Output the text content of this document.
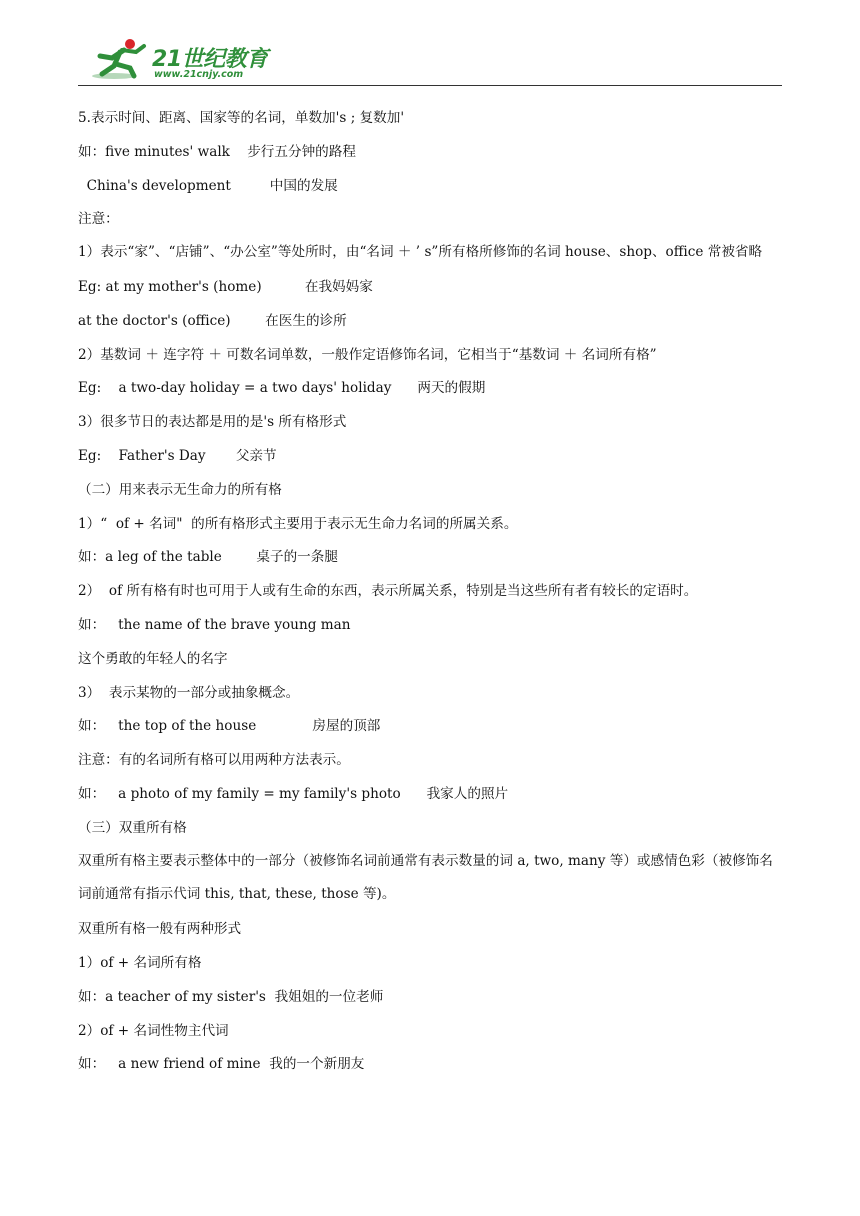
21世纪教育
www.21cnjy.com
5.表示时间、距离、国家等的名词，单数加's ; 复数加'
如：five minutes' walk    步行五分钟的路程
China's development         中国的发展
注意：
1）表示“家”、“店铺”、“办公室”等处所时，由“名词 ＋ ’ s”所有格所修饰的名词 house、shop、office 常被省略
Eg: at my mother's (home)          在我妈妈家
at the doctor's (office)        在医生的诊所
2）基数词 ＋ 连字符 ＋ 可数名词单数，一般作定语修饰名词，它相当于“基数词 ＋ 名词所有格”
Eg:    a two-day holiday = a two days' holiday      两天的假期
3）很多节日的表达都是用的是's 所有格形式
Eg:    Father's Day       父亲节
（二）用来表示无生命力的所有格
1）“  of + 名词"  的所有格形式主要用于表示无生命力名词的所属关系。
如：a leg of the table        桌子的一条腿
2）  of 所有格有时也可用于人或有生命的东西，表示所属关系，特别是当这些所有者有较长的定语时。
如：   the name of the brave young man
这个勇敢的年轻人的名字
3）  表示某物的一部分或抽象概念。
如：   the top of the house             房屋的顶部
注意：有的名词所有格可以用两种方法表示。
如：   a photo of my family = my family's photo      我家人的照片
（三）双重所有格
双重所有格主要表示整体中的一部分（被修饰名词前通常有表示数量的词 a, two, many 等）或感情色彩（被修饰名词前通常有指示代词 this, that, these, those 等)。
双重所有格一般有两种形式
1）of + 名词所有格
如：a teacher of my sister's  我姐姐的一位老师
2）of + 名词性物主代词
如：   a new friend of mine  我的一个新朋友
